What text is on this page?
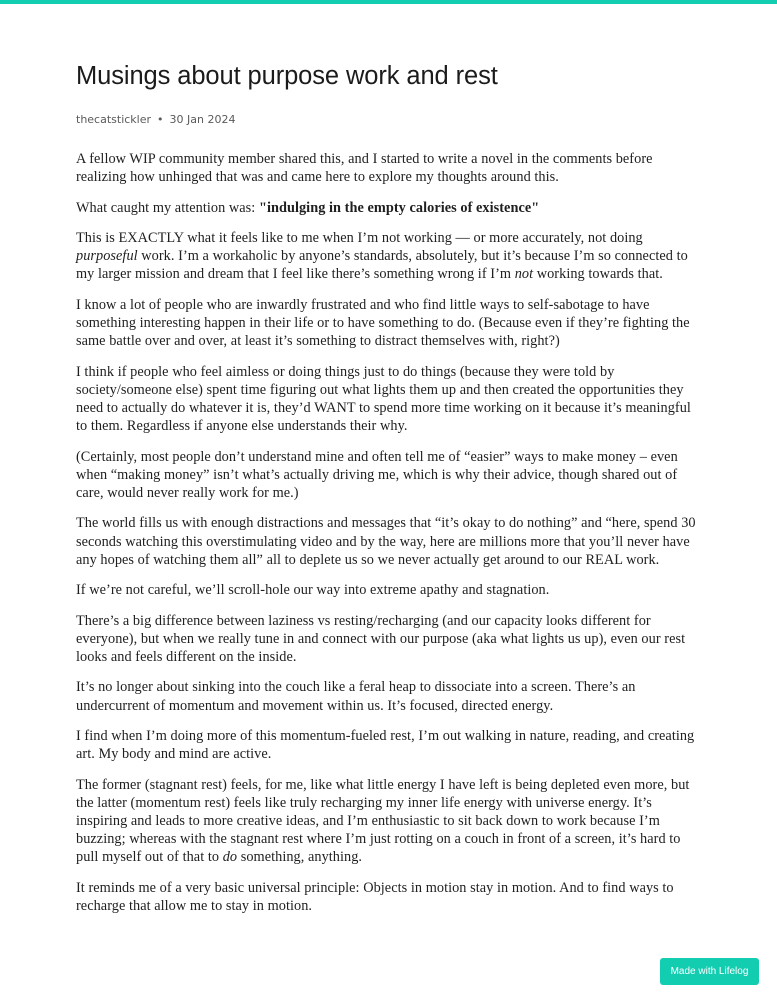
Musings about purpose work and rest
thecatstickler • 30 Jan 2024

A fellow WIP community member shared this, and I started to write a novel in the comments before realizing how unhinged that was and came here to explore my thoughts around this.

What caught my attention was: "indulging in the empty calories of existence"

This is EXACTLY what it feels like to me when I’m not working — or more accurately, not doing purposeful work. I’m a workaholic by anyone’s standards, absolutely, but it’s because I’m so connected to my larger mission and dream that I feel like there’s something wrong if I’m not working towards that.

I know a lot of people who are inwardly frustrated and who find little ways to self-sabotage to have something interesting happen in their life or to have something to do. (Because even if they’re fighting the same battle over and over, at least it’s something to distract themselves with, right?)

I think if people who feel aimless or doing things just to do things (because they were told by society/someone else) spent time figuring out what lights them up and then created the opportunities they need to actually do whatever it is, they’d WANT to spend more time working on it because it’s meaningful to them. Regardless if anyone else understands their why.

(Certainly, most people don’t understand mine and often tell me of “easier” ways to make money – even when “making money” isn’t what’s actually driving me, which is why their advice, though shared out of care, would never really work for me.)

The world fills us with enough distractions and messages that “it’s okay to do nothing” and “here, spend 30 seconds watching this overstimulating video and by the way, here are millions more that you’ll never have any hopes of watching them all” all to deplete us so we never actually get around to our REAL work.

If we’re not careful, we’ll scroll-hole our way into extreme apathy and stagnation.

There’s a big difference between laziness vs resting/recharging (and our capacity looks different for everyone), but when we really tune in and connect with our purpose (aka what lights us up), even our rest looks and feels different on the inside.

It’s no longer about sinking into the couch like a feral heap to dissociate into a screen. There’s an undercurrent of momentum and movement within us. It’s focused, directed energy.

I find when I’m doing more of this momentum-fueled rest, I’m out walking in nature, reading, and creating art. My body and mind are active.

The former (stagnant rest) feels, for me, like what little energy I have left is being depleted even more, but the latter (momentum rest) feels like truly recharging my inner life energy with universe energy. It’s inspiring and leads to more creative ideas, and I’m enthusiastic to sit back down to work because I’m buzzing; whereas with the stagnant rest where I’m just rotting on a couch in front of a screen, it’s hard to pull myself out of that to do something, anything.

It reminds me of a very basic universal principle: Objects in motion stay in motion. And to find ways to recharge that allow me to stay in motion.

Made with Lifelog
